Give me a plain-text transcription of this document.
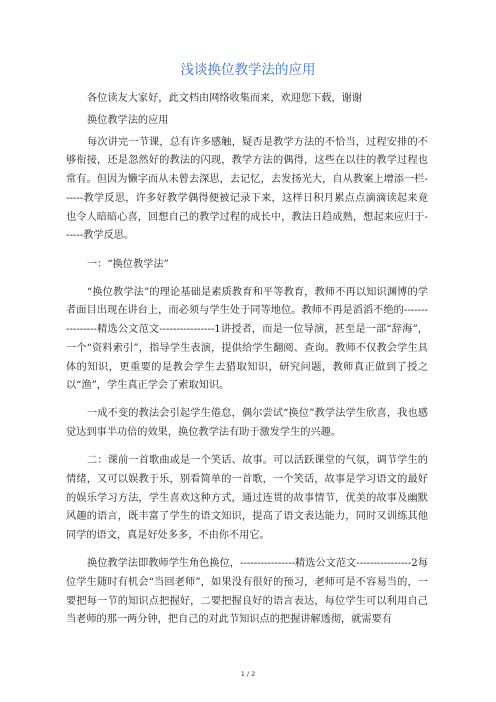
浅谈换位教学法的应用

各位读友大家好，此文档由网络收集而来，欢迎您下载，谢谢

换位教学法的应用

每次讲完一节课，总有许多感触，疑否是教学方法的不恰当，过程安排的不够衔接，还是忽然好的教法的闪现，教学方法的偶得，这些在以往的教学过程也常有。但因为懒字而从未曾去深思，去记忆，去发扬光大，自从教案上增添一栏------教学反思，许多好教学偶得便被记录下来，这样日积月累点点滴滴读起来竟也令人暗暗心喜，回想自己的教学过程的成长中，教法日趋成熟，想起来应归于------教学反思。

一：“换位教学法”

“换位教学法”的理论基础是素质教育和平等教育，教师不再以知识渊博的学者面目出现在讲台上，而必须与学生处于同等地位。教师不再是滔滔不绝的----------------精选公文范文----------------1讲授者，而是一位导演，甚至是一部“辞海”，一个“资料索引”，指导学生表演，提供给学生翻阅、查询。教师不仅教会学生具体的知识，更重要的是教会学生去猎取知识，研究问题，教师真正做到了授之以“渔”，学生真正学会了索取知识。

一成不变的教法会引起学生倦怠，偶尔尝试“换位”教学法学生欣喜，我也感觉达到事半功倍的效果，换位教学法有助于激发学生的兴趣。

二：课前一首歌曲或是一个笑话、故事。可以活跃课堂的气氛，调节学生的情绪，又可以娱教于乐，别看简单的一首歌，一个笑话，故事是学习语文的最好的娱乐学习方法，学生喜欢这种方式，通过连贯的故事情节，优美的故事及幽默风趣的语言，既丰富了学生的语文知识，提高了语文表达能力，同时又训练其他同学的语文，真是好处多多，不由你不用它。

换位教学法即教师学生角色换位，----------------精选公文范文----------------2每位学生随时有机会“当回老师”，如果没有很好的预习，老师可是不容易当的，一要把每一节的知识点把握好，二要把握良好的语言表达，每位学生可以利用自己当老师的那一两分钟，把自己的对此节知识点的把握讲解透彻，就需要有

1 / 2
